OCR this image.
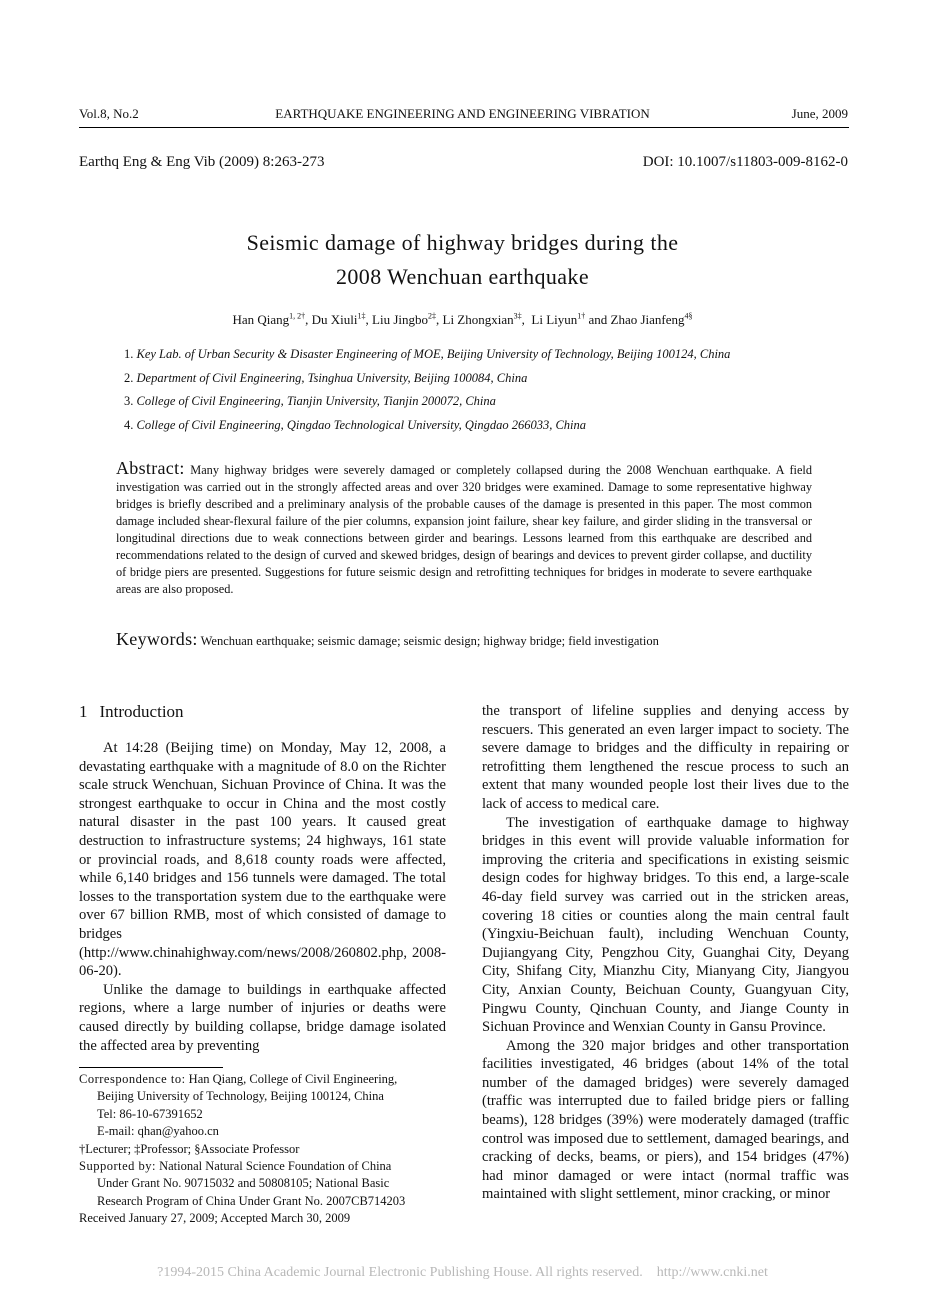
Vol.8, No.2	EARTHQUAKE ENGINEERING AND ENGINEERING VIBRATION	June, 2009
Earthq Eng & Eng Vib (2009) 8:263-273	DOI: 10.1007/s11803-009-8162-0
Seismic damage of highway bridges during the
2008 Wenchuan earthquake
Han Qiang$^{1, 2\dagger}$, Du Xiuli$^{1\ddagger}$, Liu Jingbo$^{2\ddagger}$, Li Zhongxian$^{3\ddagger}$,  Li Liyun$^{1\dagger}$ and Zhao Jianfeng$^{4\S}$
1. Key Lab. of Urban Security & Disaster Engineering of MOE, Beijing University of Technology, Beijing 100124, China
2. Department of Civil Engineering, Tsinghua University, Beijing 100084, China
3. College of Civil Engineering, Tianjin University, Tianjin 200072, China
4. College of Civil Engineering, Qingdao Technological University, Qingdao 266033, China
Abstract: Many highway bridges were severely damaged or completely collapsed during the 2008 Wenchuan earthquake. A field investigation was carried out in the strongly affected areas and over 320 bridges were examined. Damage to some representative highway bridges is briefly described and a preliminary analysis of the probable causes of the damage is presented in this paper. The most common damage included shear-flexural failure of the pier columns, expansion joint failure, shear key failure, and girder sliding in the transversal or longitudinal directions due to weak connections between girder and bearings. Lessons learned from this earthquake are described and recommendations related to the design of curved and skewed bridges, design of bearings and devices to prevent girder collapse, and ductility of bridge piers are presented. Suggestions for future seismic design and retrofitting techniques for bridges in moderate to severe earthquake areas are also proposed.
Keywords: Wenchuan earthquake; seismic damage; seismic design; highway bridge; field investigation
1 Introduction

At 14:28 (Beijing time) on Monday, May 12, 2008, a devastating earthquake with a magnitude of 8.0 on the Richter scale struck Wenchuan, Sichuan Province of China. It was the strongest earthquake to occur in China and the most costly natural disaster in the past 100 years. It caused great destruction to infrastructure systems; 24 highways, 161 state or provincial roads, and 8,618 county roads were affected, while 6,140 bridges and 156 tunnels were damaged. The total losses to the transportation system due to the earthquake were over 67 billion RMB, most of which consisted of damage to bridges (http://www.chinahighway.com/news/2008/260802.php, 2008-06-20).

Unlike the damage to buildings in earthquake affected regions, where a large number of injuries or deaths were caused directly by building collapse, bridge damage isolated the affected area by preventing

the transport of lifeline supplies and denying access by rescuers. This generated an even larger impact to society. The severe damage to bridges and the difficulty in repairing or retrofitting them lengthened the rescue process to such an extent that many wounded people lost their lives due to the lack of access to medical care.

The investigation of earthquake damage to highway bridges in this event will provide valuable information for improving the criteria and specifications in existing seismic design codes for highway bridges. To this end, a large-scale 46-day field survey was carried out in the stricken areas, covering 18 cities or counties along the main central fault (Yingxiu-Beichuan fault), including Wenchuan County, Dujiangyang City, Pengzhou City, Guanghai City, Deyang City, Shifang City, Mianzhu City, Mianyang City, Jiangyou City, Anxian County, Beichuan County, Guangyuan City, Pingwu County, Qinchuan County, and Jiange County in Sichuan Province and Wenxian County in Gansu Province.

Among the 320 major bridges and other transportation facilities investigated, 46 bridges (about 14% of the total number of the damaged bridges) were severely damaged (traffic was interrupted due to failed bridge piers or falling beams), 128 bridges (39%) were moderately damaged (traffic control was imposed due to settlement, damaged bearings, and cracking of decks, beams, or piers), and 154 bridges (47%) had minor damaged or were intact (normal traffic was maintained with slight settlement, minor cracking, or minor

Correspondence to: Han Qiang, College of Civil Engineering,

Beijing University of Technology, Beijing 100124, China

Tel: 86-10-67391652

E-mail: qhan@yahoo.cn

†Lecturer; ‡Professor; §Associate Professor

Supported by: National Natural Science Foundation of China

Under Grant No. 90715032 and 50808105; National Basic

Research Program of China Under Grant No. 2007CB714203

Received January 27, 2009; Accepted March 30, 2009

?1994-2015 China Academic Journal Electronic Publishing House. All rights reserved.    http://www.cnki.net
